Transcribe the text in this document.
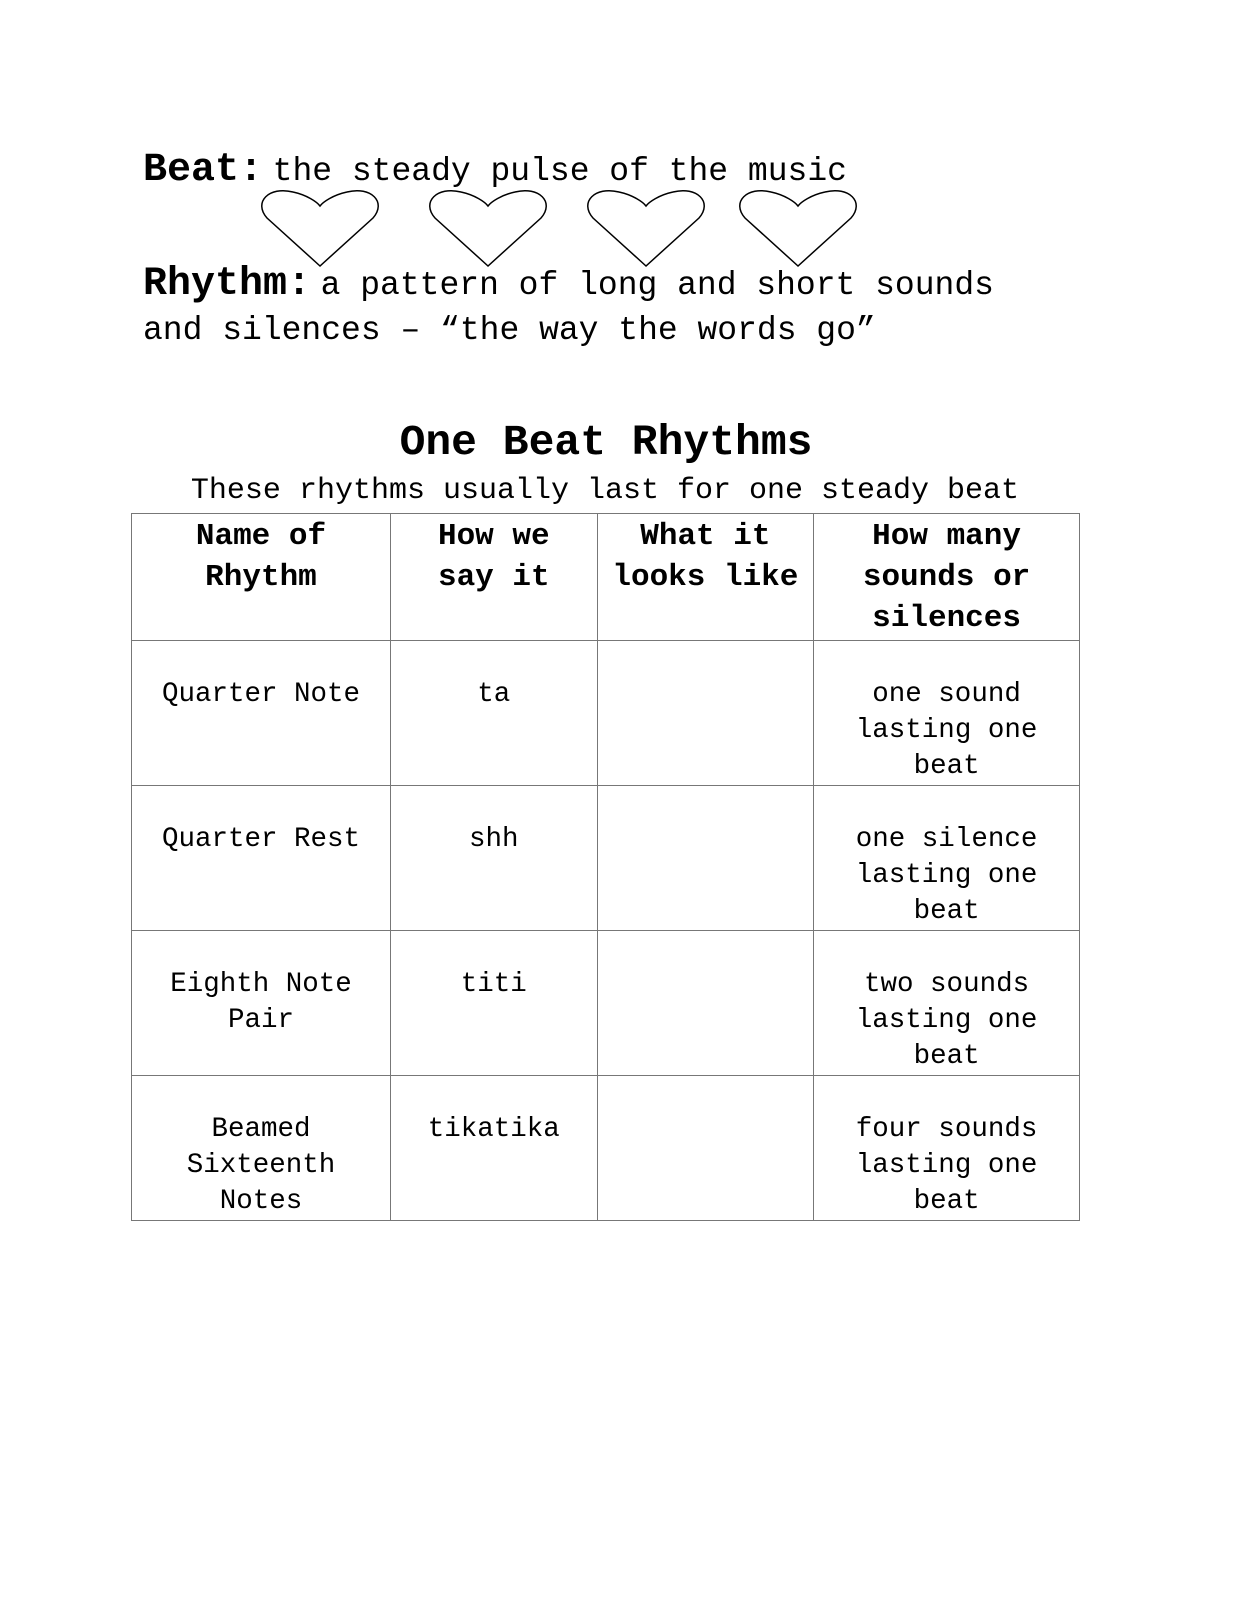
Beat: the steady pulse of the music
Rhythm: a pattern of long and short sounds
and silences – “the way the words go”
One Beat Rhythms
These rhythms usually last for one steady beat
Name of Rhythm	How we say it	What it looks like	How many sounds or silences
Quarter Note	ta		one sound lasting one beat
Quarter Rest	shh		one silence lasting one beat
Eighth Note Pair	titi		two sounds lasting one beat
Beamed Sixteenth Notes	tikatika		four sounds lasting one beat
